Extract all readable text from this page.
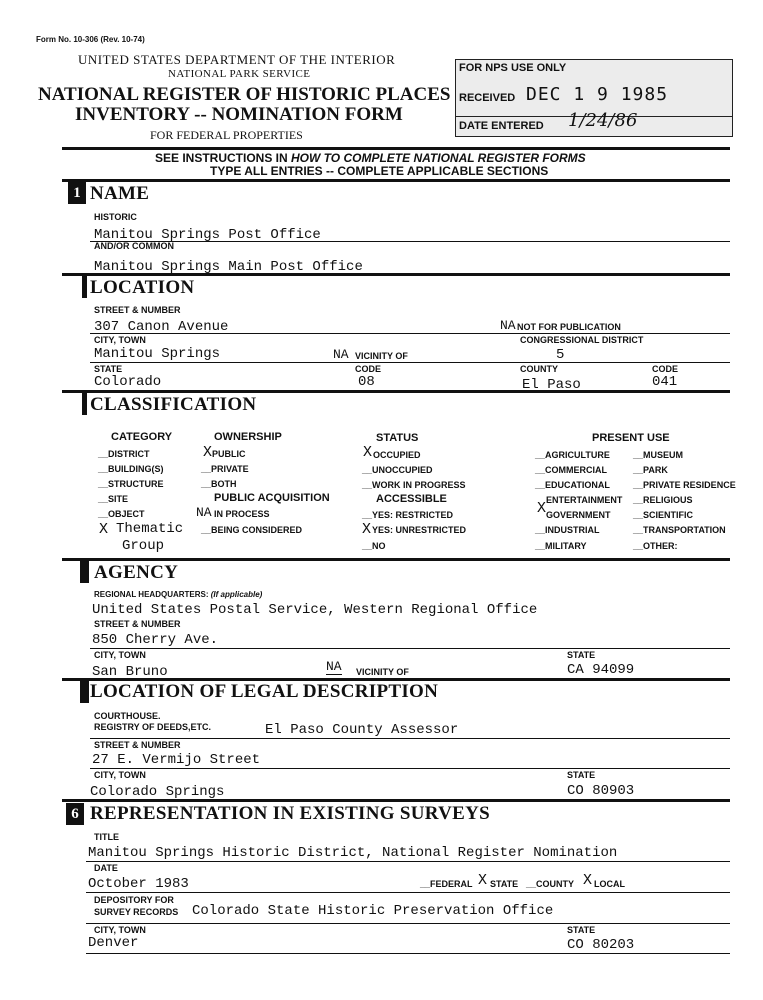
Form No. 10-306 (Rev. 10-74)
UNITED STATES DEPARTMENT OF THE INTERIOR
NATIONAL PARK SERVICE
NATIONAL REGISTER OF HISTORIC PLACES
INVENTORY -- NOMINATION FORM
FOR FEDERAL PROPERTIES
FOR NPS USE ONLY
RECEIVED DEC 1 9 1985
DATE ENTERED 1/24/86
SEE INSTRUCTIONS IN HOW TO COMPLETE NATIONAL REGISTER FORMS
TYPE ALL ENTRIES -- COMPLETE APPLICABLE SECTIONS
1 NAME
HISTORIC
Manitou Springs Post Office
AND/OR COMMON
Manitou Springs Main Post Office
LOCATION
STREET & NUMBER
307 Canon Avenue	NA NOT FOR PUBLICATION
CITY, TOWN	CONGRESSIONAL DISTRICT
Manitou Springs	NA VICINITY OF	5
STATE	CODE	COUNTY	CODE
Colorado	08	El Paso	041
CLASSIFICATION
CATEGORY
__DISTRICT
__BUILDING(S)
__STRUCTURE
__SITE
__OBJECT
X Thematic
Group
OWNERSHIP
X PUBLIC
__PRIVATE
__BOTH
PUBLIC ACQUISITION
NA IN PROCESS
__BEING CONSIDERED
STATUS
X OCCUPIED
__UNOCCUPIED
__WORK IN PROGRESS
ACCESSIBLE
__YES: RESTRICTED
X YES: UNRESTRICTED
__NO
PRESENT USE
__AGRICULTURE
__COMMERCIAL
__EDUCATIONAL
ENTERTAINMENT
X GOVERNMENT
__INDUSTRIAL
__MILITARY
__MUSEUM
__PARK
__PRIVATE RESIDENCE
__RELIGIOUS
__SCIENTIFIC
__TRANSPORTATION
__OTHER:
AGENCY
REGIONAL HEADQUARTERS: (If applicable)
United States Postal Service, Western Regional Office
STREET & NUMBER
850 Cherry Ave.
CITY, TOWN	STATE
San Bruno	NA VICINITY OF	CA 94099
LOCATION OF LEGAL DESCRIPTION
COURTHOUSE.
REGISTRY OF DEEDS,ETC.	El Paso County Assessor
STREET & NUMBER
27 E. Vermijo Street
CITY, TOWN	STATE
Colorado Springs	CO 80903
6 REPRESENTATION IN EXISTING SURVEYS
TITLE
Manitou Springs Historic District, National Register Nomination
DATE
October 1983	__FEDERAL X STATE __COUNTY X LOCAL
DEPOSITORY FOR
SURVEY RECORDS Colorado State Historic Preservation Office
CITY, TOWN	STATE
Denver	CO 80203
